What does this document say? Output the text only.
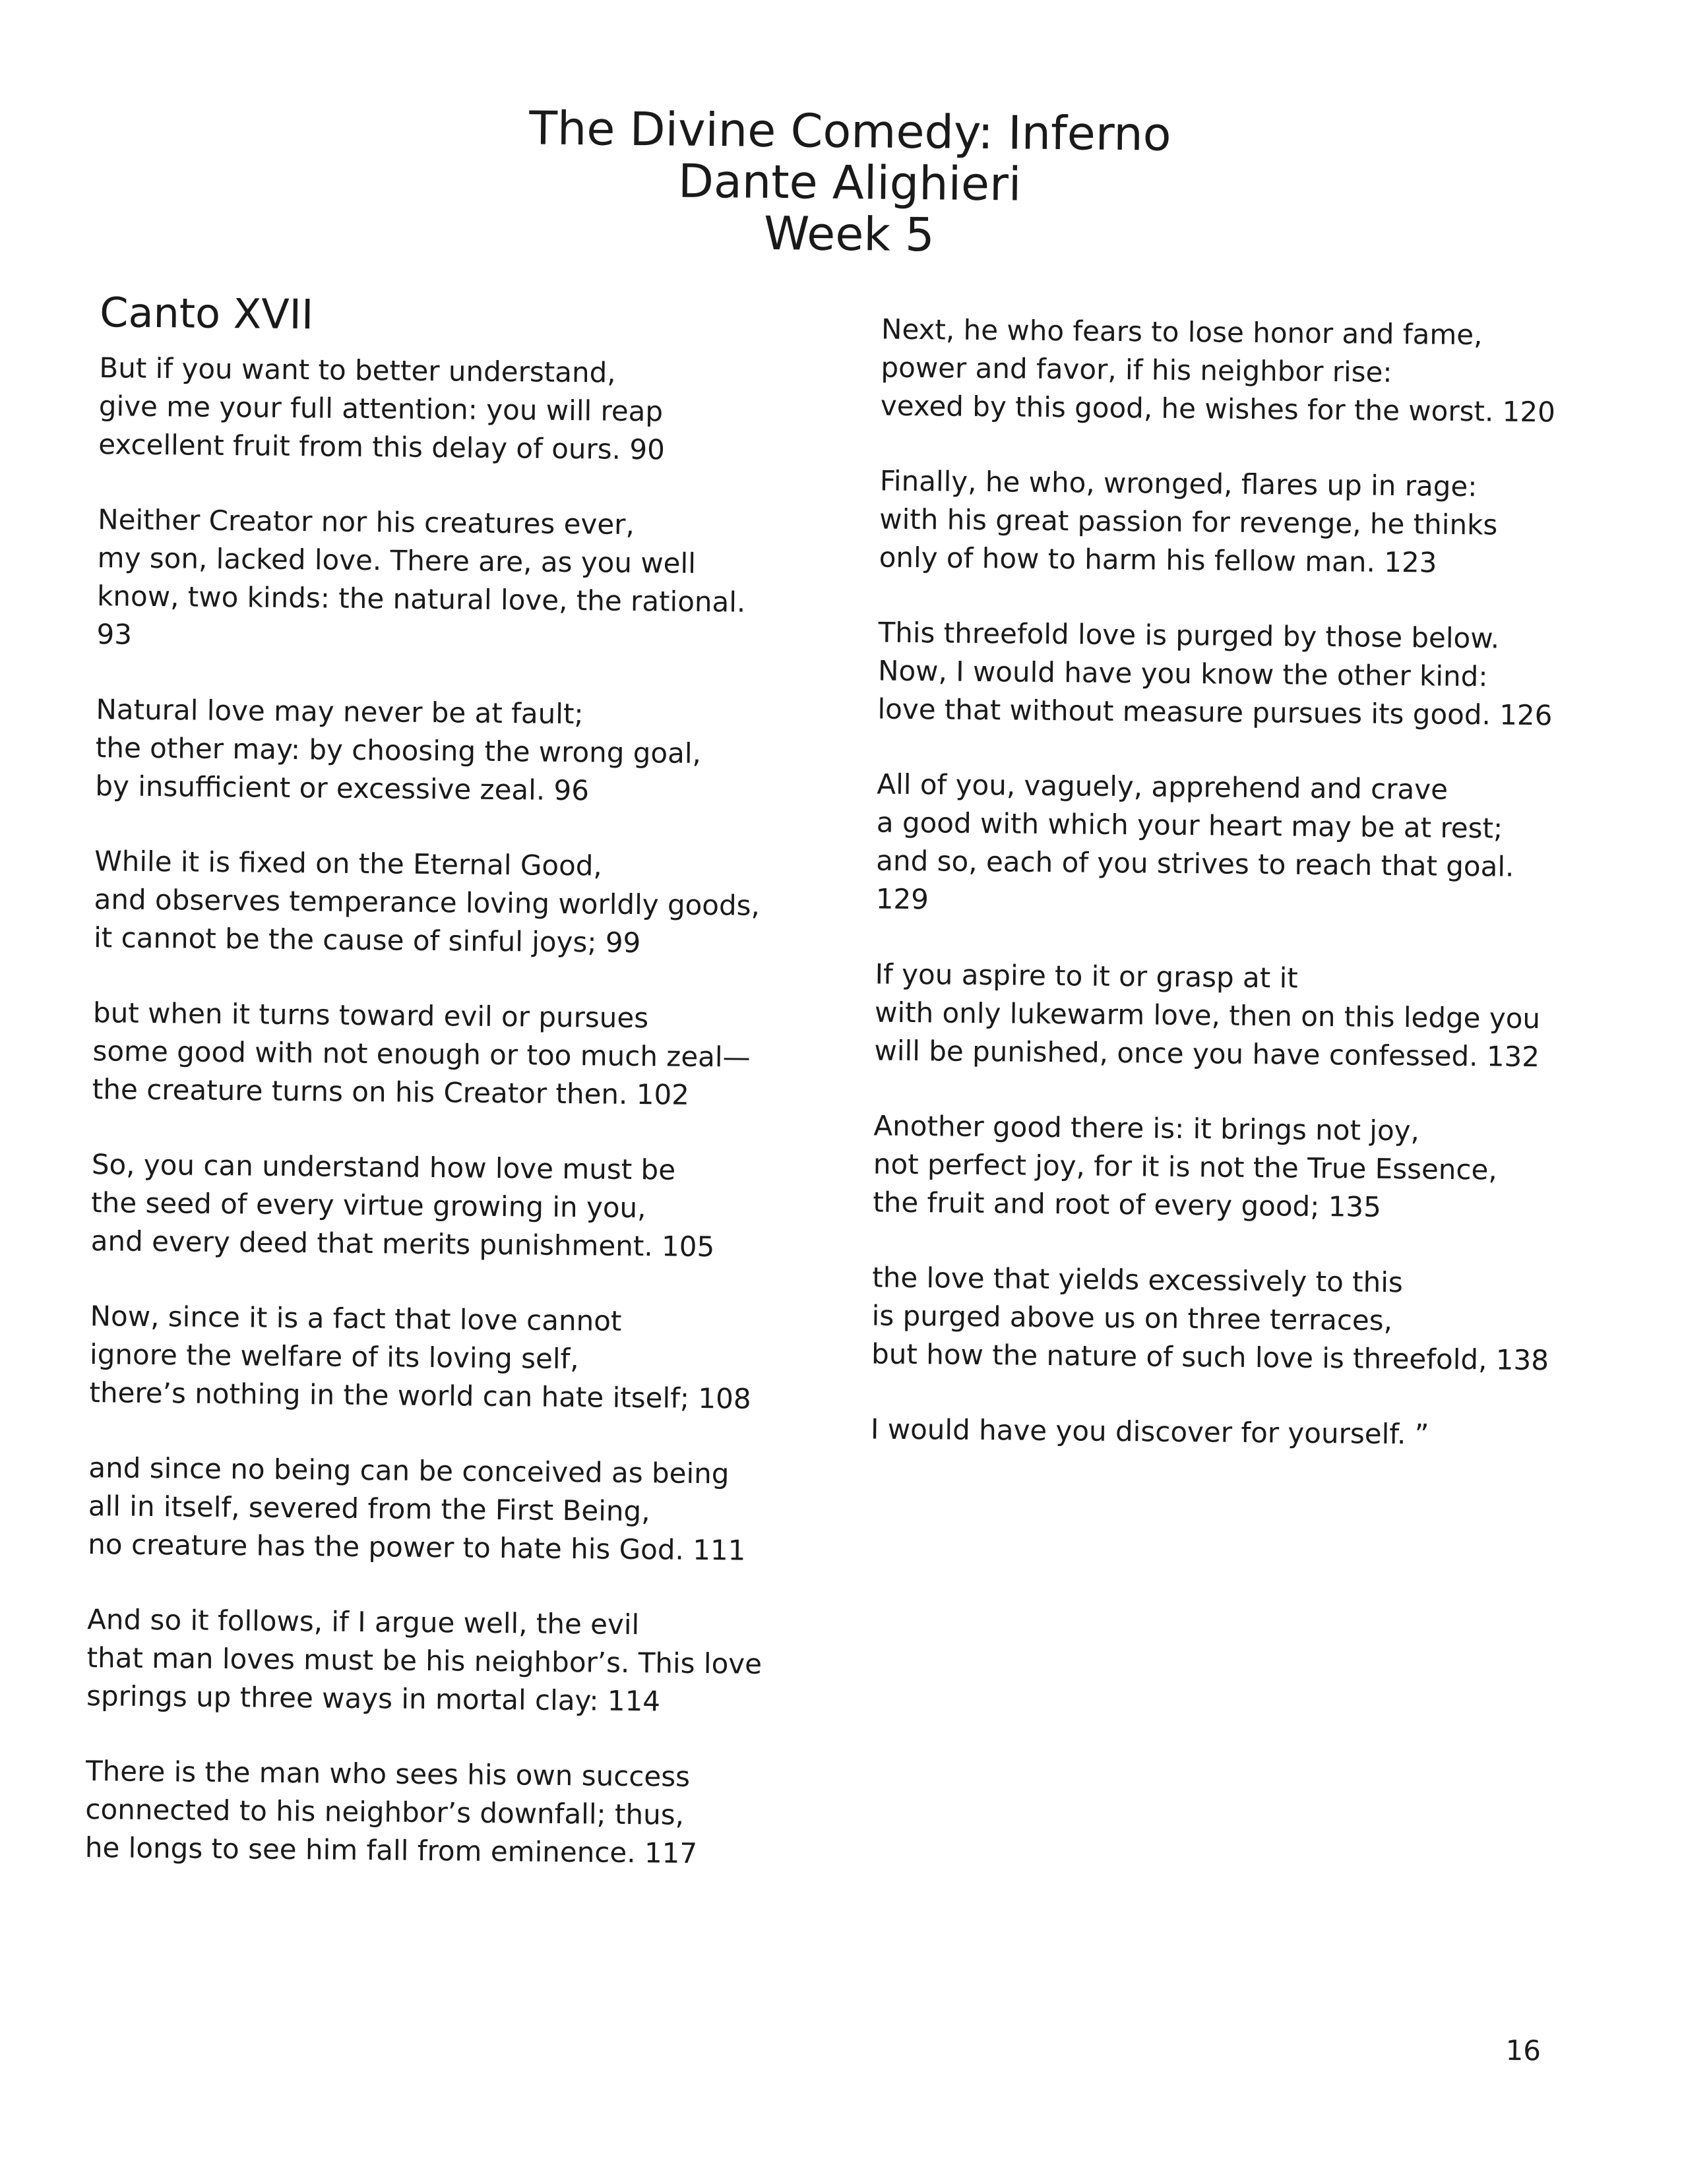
The Divine Comedy: Inferno
Dante Alighieri
Week 5
Canto XVII
But if you want to better understand,
give me your full attention: you will reap
excellent fruit from this delay of ours. 90
Neither Creator nor his creatures ever,
my son, lacked love. There are, as you well
know, two kinds: the natural love, the rational.
93
Natural love may never be at fault;
the other may: by choosing the wrong goal,
by insufficient or excessive zeal. 96
While it is fixed on the Eternal Good,
and observes temperance loving worldly goods,
it cannot be the cause of sinful joys; 99
but when it turns toward evil or pursues
some good with not enough or too much zeal—
the creature turns on his Creator then. 102
So, you can understand how love must be
the seed of every virtue growing in you,
and every deed that merits punishment. 105
Now, since it is a fact that love cannot
ignore the welfare of its loving self,
there’s nothing in the world can hate itself; 108
and since no being can be conceived as being
all in itself, severed from the First Being,
no creature has the power to hate his God. 111
And so it follows, if I argue well, the evil
that man loves must be his neighbor’s. This love
springs up three ways in mortal clay: 114
There is the man who sees his own success
connected to his neighbor’s downfall; thus,
he longs to see him fall from eminence. 117
Next, he who fears to lose honor and fame,
power and favor, if his neighbor rise:
vexed by this good, he wishes for the worst. 120
Finally, he who, wronged, flares up in rage:
with his great passion for revenge, he thinks
only of how to harm his fellow man. 123
This threefold love is purged by those below.
Now, I would have you know the other kind:
love that without measure pursues its good. 126
All of you, vaguely, apprehend and crave
a good with which your heart may be at rest;
and so, each of you strives to reach that goal.
129
If you aspire to it or grasp at it
with only lukewarm love, then on this ledge you
will be punished, once you have confessed. 132
Another good there is: it brings not joy,
not perfect joy, for it is not the True Essence,
the fruit and root of every good; 135
the love that yields excessively to this
is purged above us on three terraces,
but how the nature of such love is threefold, 138
I would have you discover for yourself. ”
16
